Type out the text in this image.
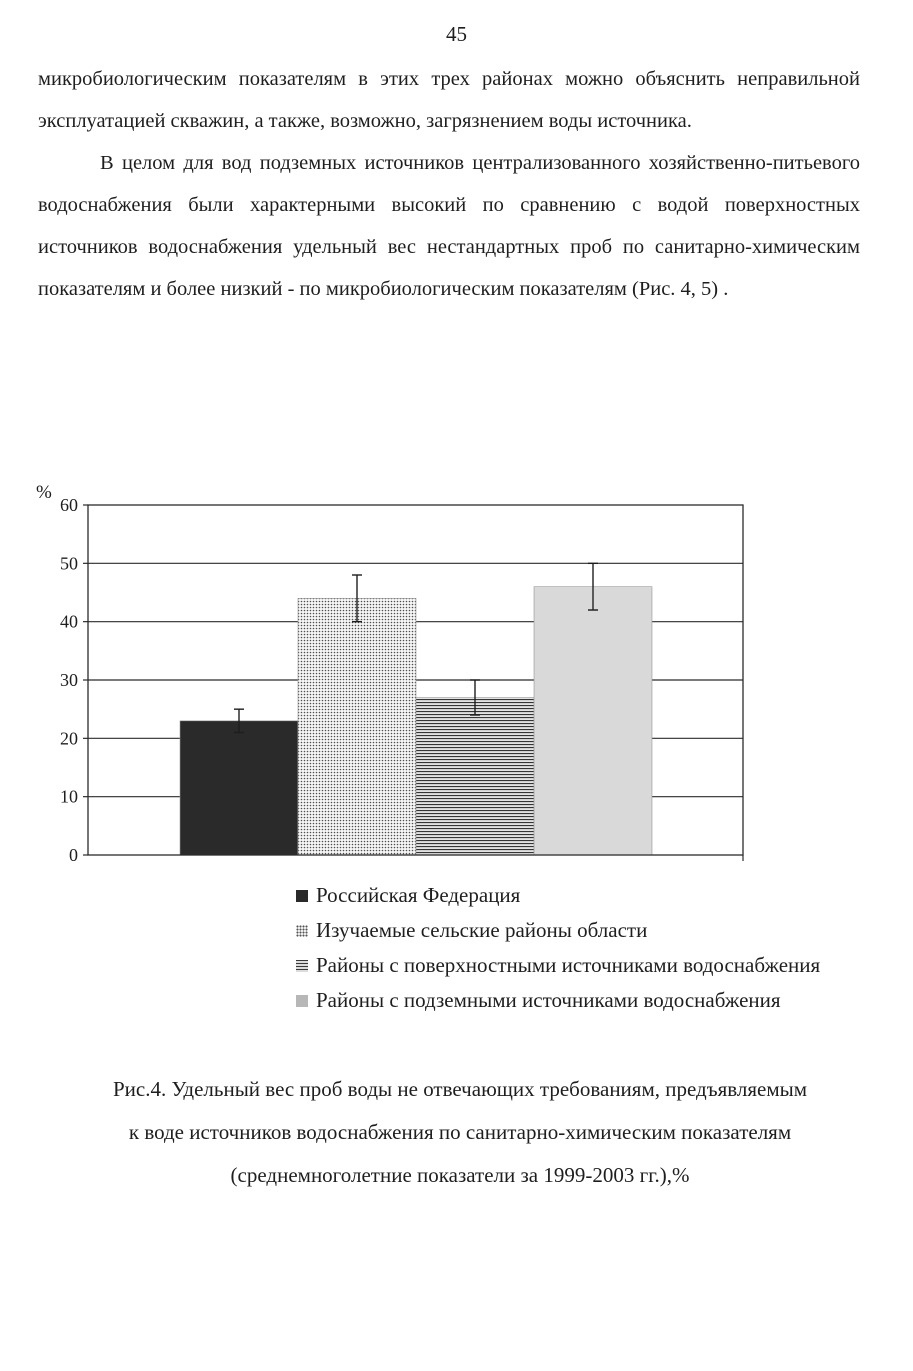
45

микробиологическим показателям в этих трех районах можно объяснить неправильной эксплуатацией скважин, а также, возможно, загрязнением воды источника.

В целом для вод подземных источников централизованного хозяйственно-питьевого водоснабжения были характерными высокий по сравнению с водой поверхностных источников водоснабжения удельный вес нестандартных проб по санитарно-химическим показателям и более низкий - по микробиологическим показателям (Рис. 4, 5) .

%
0
10
20
30
40
50
60
Российская Федерация
Изучаемые сельские районы области
Районы с поверхностными источниками водоснабжения
Районы с подземными источниками водоснабжения
Рис.4. Удельный вес проб воды не отвечающих требованиям, предъявляемым
к воде источников водоснабжения по санитарно-химическим показателям
(среднемноголетние показатели за 1999-2003 гг.),%
